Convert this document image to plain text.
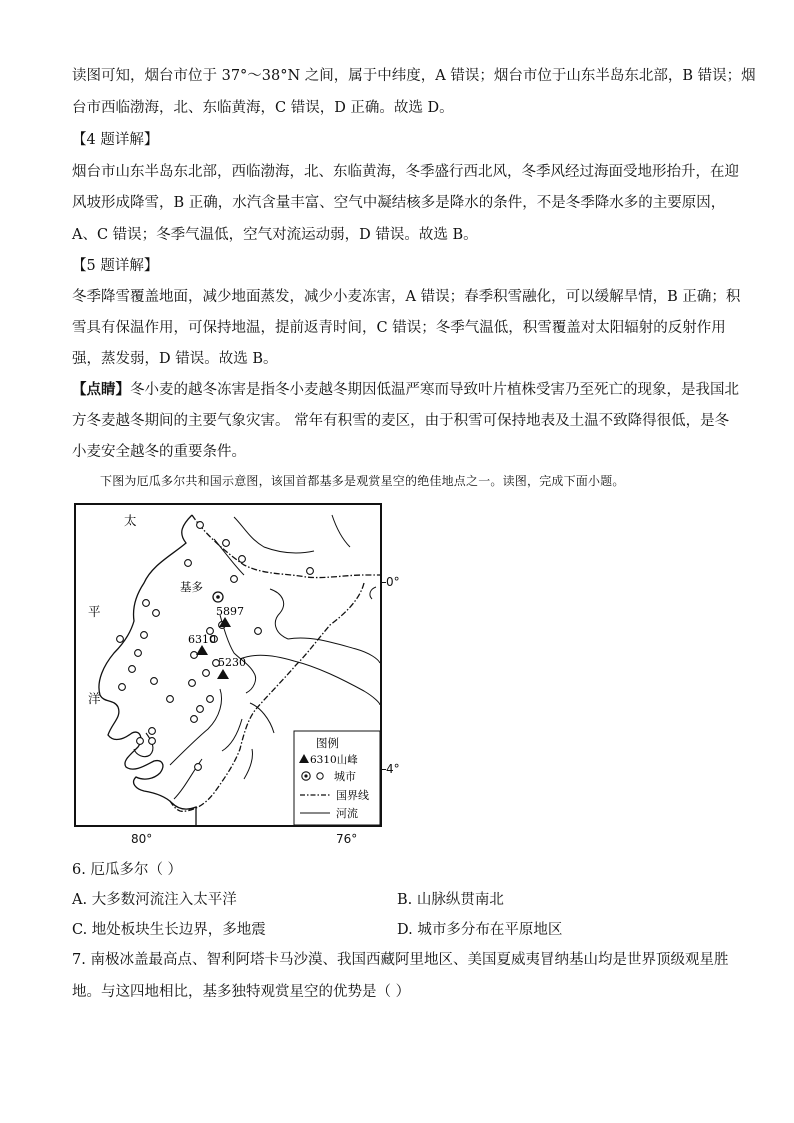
读图可知，烟台市位于 37°～38°N 之间，属于中纬度，A 错误；烟台市位于山东半岛东北部，B 错误；烟
台市西临渤海，北、东临黄海，C 错误，D 正确。故选 D。
【4 题详解】
烟台市山东半岛东北部，西临渤海，北、东临黄海，冬季盛行西北风，冬季风经过海面受地形抬升，在迎
风坡形成降雪，B 正确，水汽含量丰富、空气中凝结核多是降水的条件，不是冬季降水多的主要原因，
A、C 错误；冬季气温低，空气对流运动弱，D 错误。故选 B。
【5 题详解】
冬季降雪覆盖地面，减少地面蒸发，减少小麦冻害，A 错误；春季积雪融化，可以缓解旱情，B 正确；积
雪具有保温作用，可保持地温，提前返青时间，C 错误；冬季气温低，积雪覆盖对太阳辐射的反射作用
强，蒸发弱，D 错误。故选 B。
【点睛】冬小麦的越冬冻害是指冬小麦越冬期因低温严寒而导致叶片植株受害乃至死亡的现象，是我国北
方冬麦越冬期间的主要气象灾害。 常年有积雪的麦区，由于积雪可保持地表及土温不致降得很低，是冬
小麦安全越冬的重要条件。
下图为厄瓜多尔共和国示意图，该国首都基多是观赏星空的绝佳地点之一。读图，完成下面小题。
太
平
洋
基多
5897
6310
5230
图例
6310山峰
城市
国界线
河流
0°
4°
80°	76°
6. 厄瓜多尔（ ）
A. 大多数河流注入太平洋	B. 山脉纵贯南北
C. 地处板块生长边界，多地震	D. 城市多分布在平原地区
7. 南极冰盖最高点、智利阿塔卡马沙漠、我国西藏阿里地区、美国夏威夷冒纳基山均是世界顶级观星胜
地。与这四地相比，基多独特观赏星空的优势是（ ）
